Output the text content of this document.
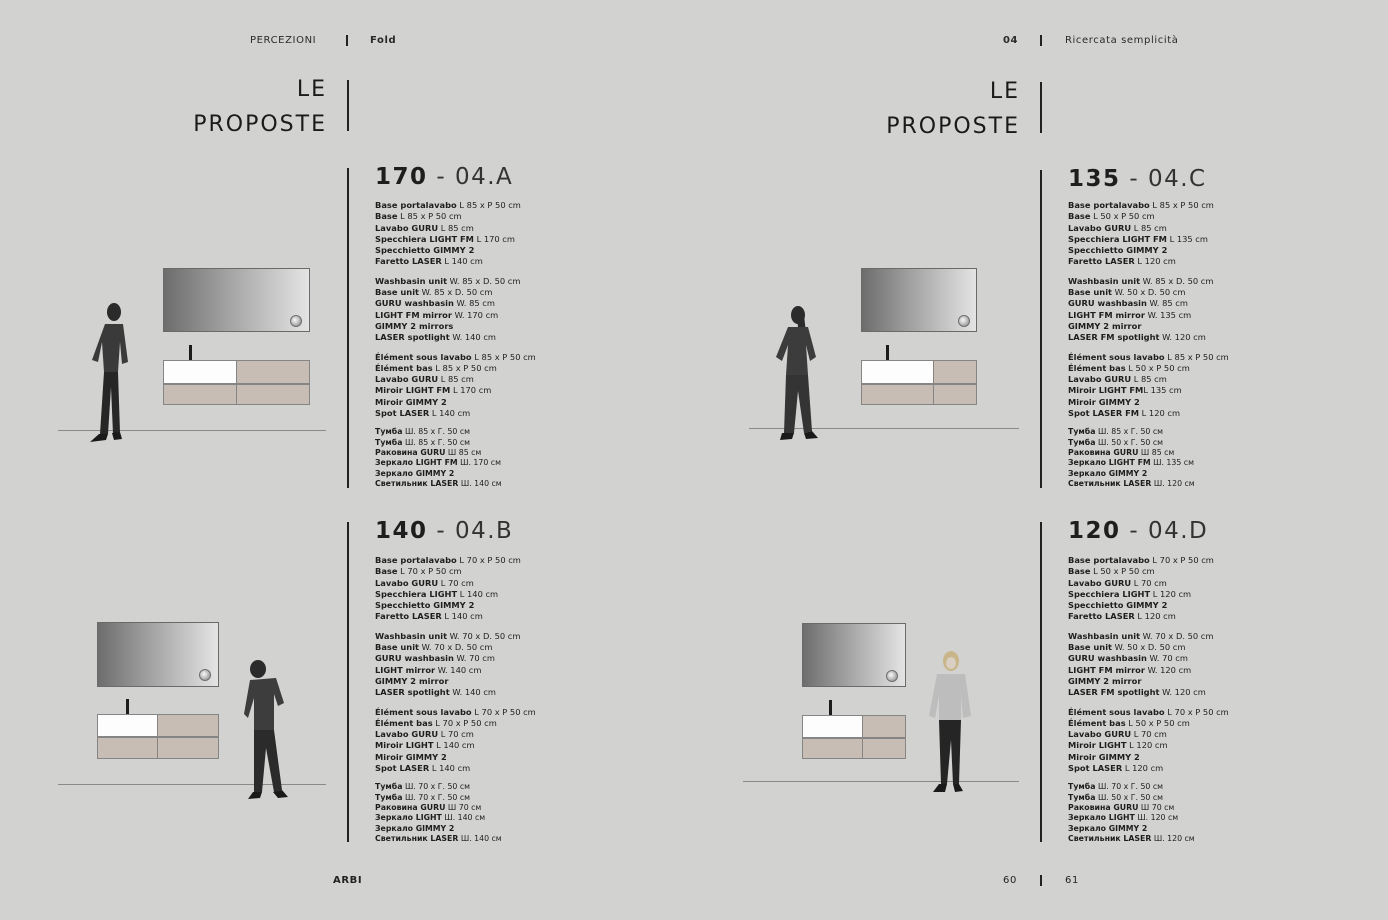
PERCEZIONI	Fold	04	Ricercata semplicità
LE
PROPOSTE
LE
PROPOSTE
170 - 04.A
Base portalavabo L 85 x P 50 cm
Base L 85 x P 50 cm
Lavabo GURU L 85 cm
Specchiera LIGHT FM L 170 cm
Specchietto GIMMY 2
Faretto LASER L 140 cm
Washbasin unit W. 85 x D. 50 cm
Base unit W. 85 x D. 50 cm
GURU washbasin W. 85 cm
LIGHT FM mirror W. 170 cm
GIMMY 2 mirrors
LASER spotlight W. 140 cm
Élément sous lavabo L 85 x P 50 cm
Élément bas L 85 x P 50 cm
Lavabo GURU L 85 cm
Miroir LIGHT FM L 170 cm
Miroir GIMMY 2
Spot LASER L 140 cm
Тумба Ш. 85 x Г. 50 см
Тумба Ш. 85 x Г. 50 см
Раковина GURU Ш 85 см
Зеркало LIGHT FM Ш. 170 см
Зеркало GIMMY 2
Светильник LASER Ш. 140 см
140 - 04.B
Base portalavabo L 70 x P 50 cm
Base L 70 x P 50 cm
Lavabo GURU L 70 cm
Specchiera LIGHT L 140 cm
Specchietto GIMMY 2
Faretto LASER L 140 cm
Washbasin unit W. 70 x D. 50 cm
Base unit W. 70 x D. 50 cm
GURU washbasin W. 70 cm
LIGHT mirror W. 140 cm
GIMMY 2 mirror
LASER spotlight W. 140 cm
Élément sous lavabo L 70 x P 50 cm
Élément bas L 70 x P 50 cm
Lavabo GURU L 70 cm
Miroir LIGHT L 140 cm
Miroir GIMMY 2
Spot LASER L 140 cm
Тумба Ш. 70 x Г. 50 см
Тумба Ш. 70 x Г. 50 см
Раковина GURU Ш 70 см
Зеркало LIGHT Ш. 140 см
Зеркало GIMMY 2
Светильник LASER Ш. 140 см
135 - 04.C
Base portalavabo L 85 x P 50 cm
Base L 50 x P 50 cm
Lavabo GURU L 85 cm
Specchiera LIGHT FM L 135 cm
Specchietto GIMMY 2
Faretto LASER L 120 cm
Washbasin unit W. 85 x D. 50 cm
Base unit W. 50 x D. 50 cm
GURU washbasin W. 85 cm
LIGHT FM mirror W. 135 cm
GIMMY 2 mirror
LASER FM spotlight W. 120 cm
Élément sous lavabo L 85 x P 50 cm
Élément bas L 50 x P 50 cm
Lavabo GURU L 85 cm
Miroir LIGHT FML 135 cm
Miroir GIMMY 2
Spot LASER FM L 120 cm
Тумба Ш. 85 x Г. 50 см
Тумба Ш. 50 x Г. 50 см
Раковина GURU Ш 85 см
Зеркало LIGHT FM Ш. 135 см
Зеркало GIMMY 2
Светильник LASER Ш. 120 см
120 - 04.D
Base portalavabo L 70 x P 50 cm
Base L 50 x P 50 cm
Lavabo GURU L 70 cm
Specchiera LIGHT L 120 cm
Specchietto GIMMY 2
Faretto LASER L 120 cm
Washbasin unit W. 70 x D. 50 cm
Base unit W. 50 x D. 50 cm
GURU washbasin W. 70 cm
LIGHT FM mirror W. 120 cm
GIMMY 2 mirror
LASER FM spotlight W. 120 cm
Élément sous lavabo L 70 x P 50 cm
Élément bas L 50 x P 50 cm
Lavabo GURU L 70 cm
Miroir LIGHT L 120 cm
Miroir GIMMY 2
Spot LASER L 120 cm
Тумба Ш. 70 x Г. 50 см
Тумба Ш. 50 x Г. 50 см
Раковина GURU Ш 70 см
Зеркало LIGHT Ш. 120 см
Зеркало GIMMY 2
Светильник LASER Ш. 120 см
ARBI	60	61
